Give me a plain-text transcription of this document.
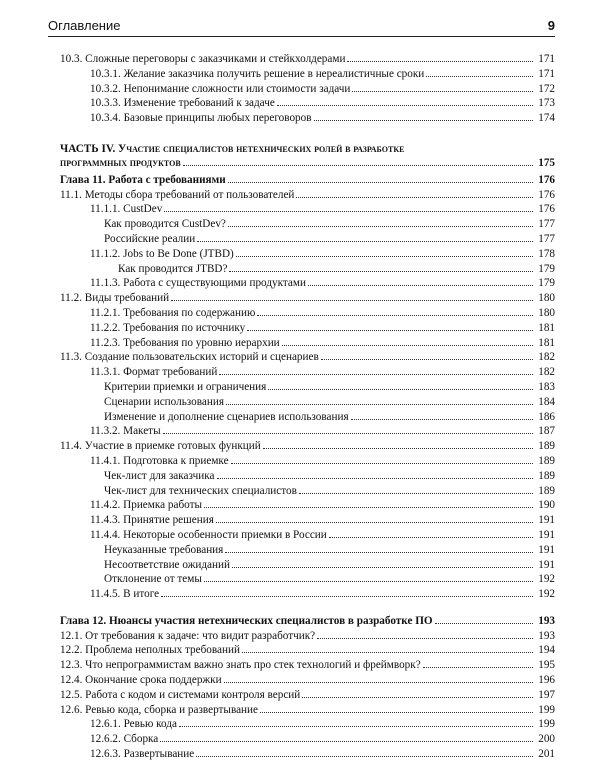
Оглавление	9
10.3. Сложные переговоры с заказчиками и стейкхолдерами	171
10.3.1. Желание заказчика получить решение в нереалистичные сроки	171
10.3.2. Непонимание сложности или стоимости задачи	172
10.3.3. Изменение требований к задаче	173
10.3.4. Базовые принципы любых переговоров	174
ЧАСТЬ IV. Участие специалистов нетехнических ролей в разработке
программных продуктов	175
Глава 11. Работа с требованиями	176
11.1. Методы сбора требований от пользователей	176
11.1.1. CustDev	176
Как проводится CustDev?	177
Российские реалии	177
11.1.2. Jobs to Be Done (JTBD)	178
Как проводится JTBD?	179
11.1.3. Работа с существующими продуктами	179
11.2. Виды требований	180
11.2.1. Требования по содержанию	180
11.2.2. Требования по источнику	181
11.2.3. Требования по уровню иерархии	181
11.3. Создание пользовательских историй и сценариев	182
11.3.1. Формат требований	182
Критерии приемки и ограничения	183
Сценарии использования	184
Изменение и дополнение сценариев использования	186
11.3.2. Макеты	187
11.4. Участие в приемке готовых функций	189
11.4.1. Подготовка к приемке	189
Чек-лист для заказчика	189
Чек-лист для технических специалистов	189
11.4.2. Приемка работы	190
11.4.3. Принятие решения	191
11.4.4. Некоторые особенности приемки в России	191
Неуказанные требования	191
Несоответствие ожиданий	191
Отклонение от темы	192
11.4.5. В итоге	192
Глава 12. Нюансы участия нетехнических специалистов в разработке ПО	193
12.1. От требования к задаче: что видит разработчик?	193
12.2. Проблема неполных требований	194
12.3. Что непрограммистам важно знать про стек технологий и фреймворк?	195
12.4. Окончание срока поддержки	196
12.5. Работа с кодом и системами контроля версий	197
12.6. Ревью кода, сборка и развертывание	199
12.6.1. Ревью кода	199
12.6.2. Сборка	200
12.6.3. Развертывание	201
